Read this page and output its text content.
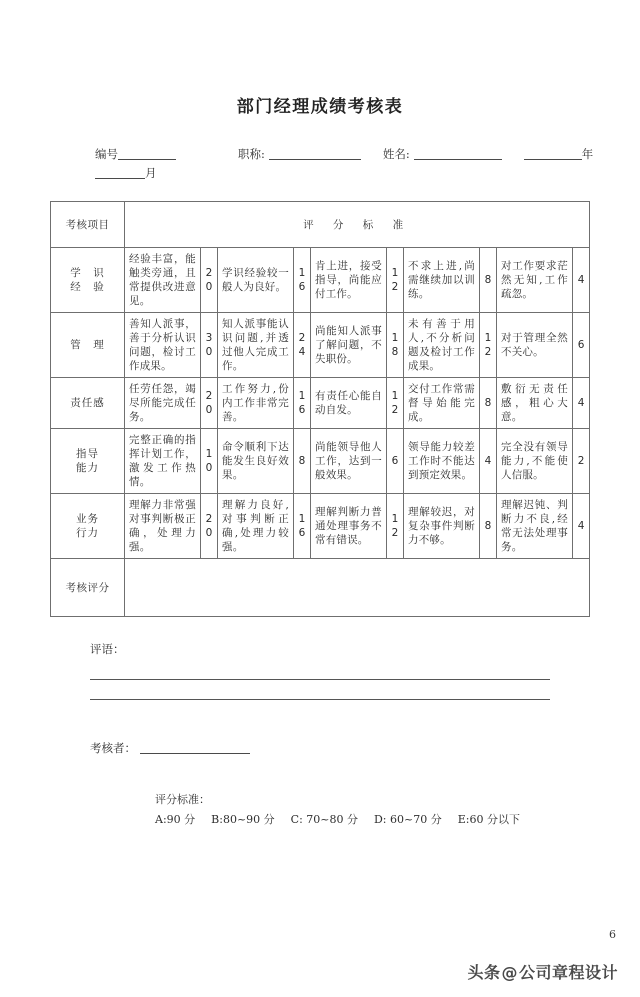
部门经理成绩考核表
编号	职称:	姓名:	年
月
考核项目	评 分 标 准									

学　识
经　验	经验丰富，能触类旁通，且常提供改进意见。	20	学识经验较一般人为良好。	16	肯上进，接受指导，尚能应付工作。	12	不求上进,尚需继续加以训练。	8	对工作要求茫然无知,工作疏忽。	4

管　理	善知人派事，善于分析认识问题，检讨工作成果。	30	知人派事能认识问题,并透过他人完成工作。	24	尚能知人派事了解问题，不失职份。	18	未有善于用人,不分析问题及检讨工作成果。	12	对于管理全然不关心。	6

责任感	任劳任怨，竭尽所能完成任务。	20	工作努力,份内工作非常完善。	16	有责任心能自动自发。	12	交付工作常需督导始能完成。	8	敷衍无责任感，粗心大意。	4

指导
能力	完整正确的指挥计划工作，激发工作热情。	10	命令顺利下达能发生良好效果。	8	尚能领导他人工作，达到一般效果。	6	领导能力较差工作时不能达到预定效果。	4	完全没有领导能力,不能使人信服。	2

业务
行力	理解力非常强对事判断极正确，处理力强。	20	理解力良好,对事判断正确,处理力较强。	16	理解判断力普通处理事务不常有错误。	12	理解较迟，对复杂事件判断力不够。	8	理解迟钝、判断力不良,经常无法处理事务。	4
考核评分										
评语：
考核者：
评分标准：
A:90 分 B:80~90 分 C: 70~80 分 D: 60~70 分 E:60 分以下
6
头条@公司章程设计
